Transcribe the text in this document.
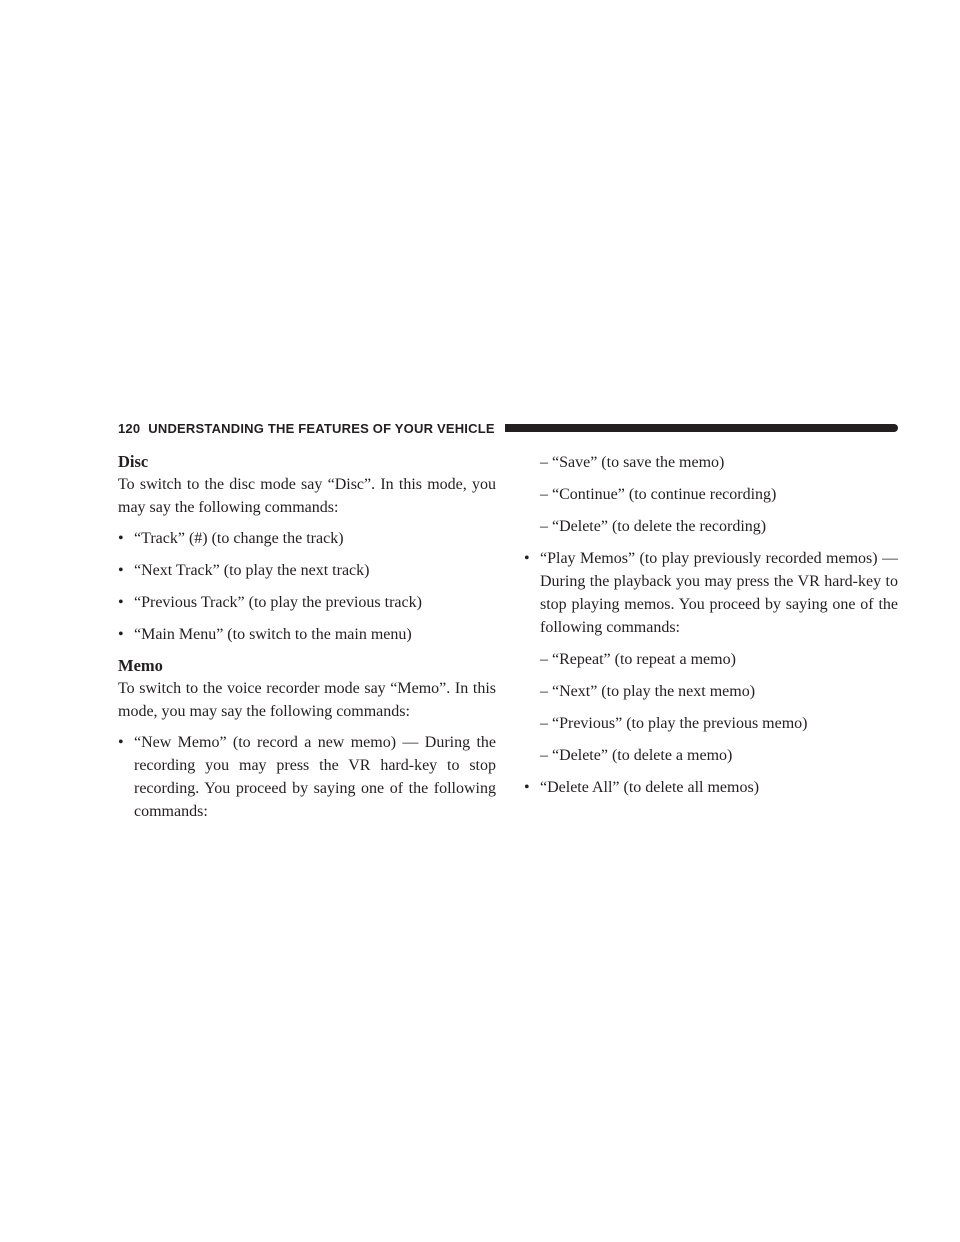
120 UNDERSTANDING THE FEATURES OF YOUR VEHICLE

Disc

To switch to the disc mode say “Disc”. In this mode, you may say the following commands:

• “Track” (#) (to change the track)
• “Next Track” (to play the next track)
• “Previous Track” (to play the previous track)
• “Main Menu” (to switch to the main menu)

Memo

To switch to the voice recorder mode say “Memo”. In this mode, you may say the following commands:

• “New Memo” (to record a new memo) — During the recording you may press the VR hard-key to stop recording. You proceed by saying one of the following commands:
– “Save” (to save the memo)
– “Continue” (to continue recording)
– “Delete” (to delete the recording)
• “Play Memos” (to play previously recorded memos) — During the playback you may press the VR hard-key to stop playing memos. You proceed by saying one of the following commands:
– “Repeat” (to repeat a memo)
– “Next” (to play the next memo)
– “Previous” (to play the previous memo)
– “Delete” (to delete a memo)
• “Delete All” (to delete all memos)
